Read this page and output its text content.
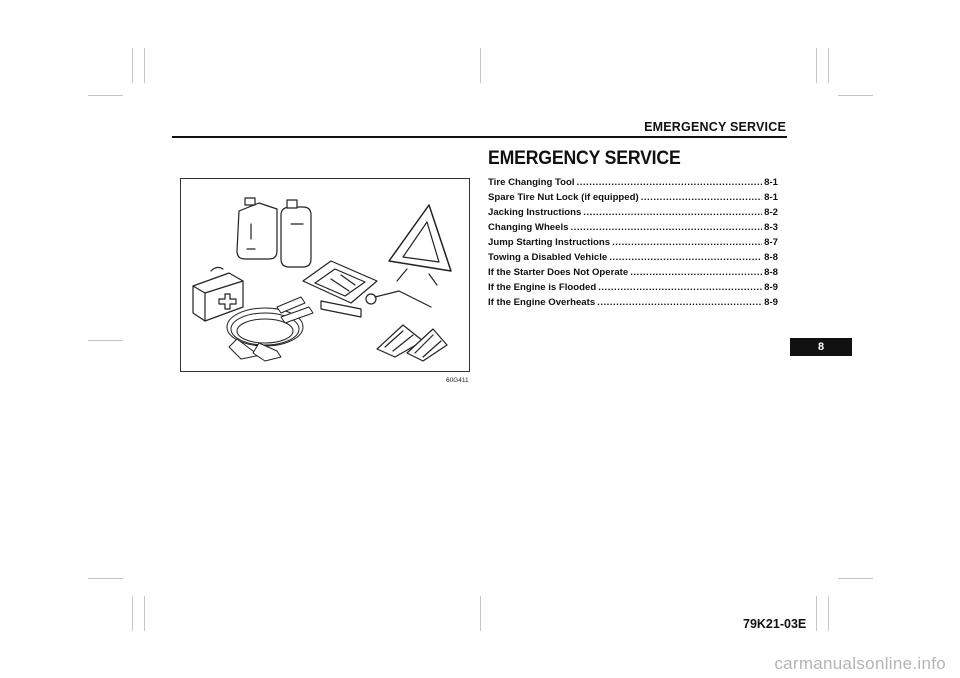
EMERGENCY SERVICE
60G411
EMERGENCY SERVICE
Tire Changing Tool .....	8-1
Spare Tire Nut Lock (if equipped) .....	8-1
Jacking Instructions .....	8-2
Changing Wheels .....	8-3
Jump Starting Instructions .....	8-7
Towing a Disabled Vehicle .....	8-8
If the Starter Does Not Operate .....	8-8
If the Engine is Flooded .....	8-9
If the Engine Overheats .....	8-9
8
79K21-03E
carmanualsonline.info
